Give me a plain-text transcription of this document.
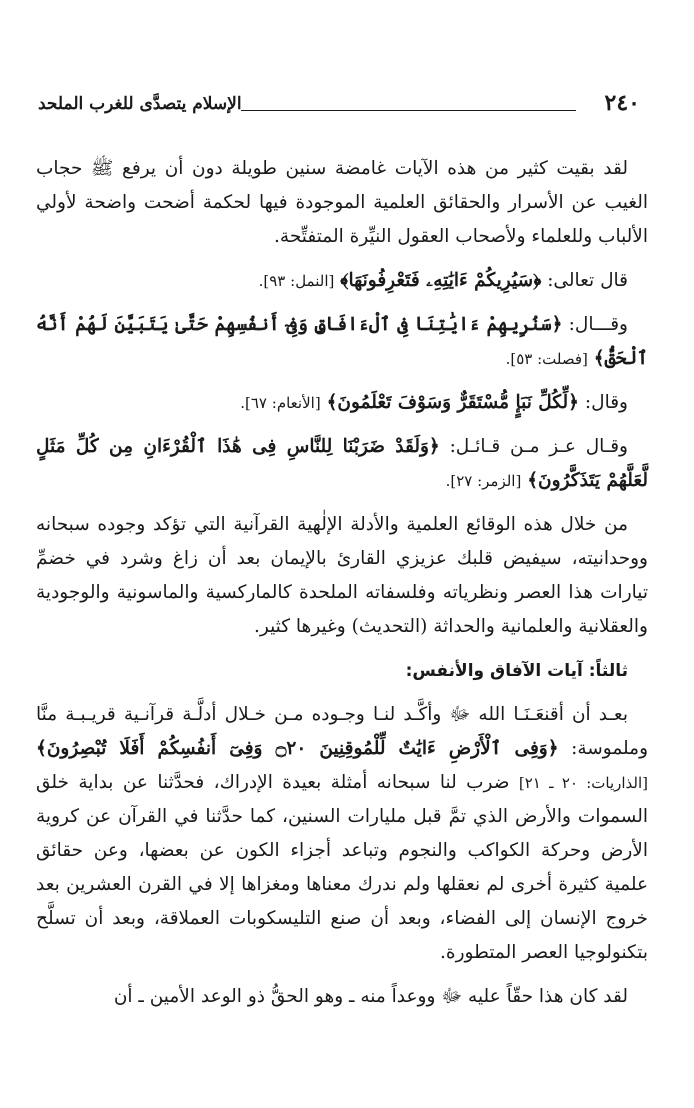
٢٤٠
الإسلام يتصدَّى للغرب الملحد

لقد بقيت كثير من هذه الآيات غامضة سنين طويلة دون أن يرفع ﷺ حجاب الغيب عن الأسرار والحقائق العلمية الموجودة فيها لحكمة أضحت واضحة لأولي الألباب وللعلماء ولأصحاب العقول النيِّرة المتفتِّحة.

قال تعالى: ﴿سَيُرِيكُمْ ءَايَٰتِهِۦ فَتَعْرِفُونَهَا﴾ [النمل: ٩٣].

وقـــال: ﴿سَنُرِيهِمْ ءَايَٰتِنَا فِى ٱلْءَافَاقِ وَفِىٓ أَنفُسِهِمْ حَتَّىٰ يَتَبَيَّنَ لَهُمْ أَنَّهُ ٱلْحَقُّ﴾ [فصلت: ٥٣].

وقال: ﴿لِّكُلِّ نَبَإٍ مُّسْتَقَرٌّ وَسَوْفَ تَعْلَمُونَ﴾ [الأنعام: ٦٧].

وقـال عـز مـن قـائـل: ﴿وَلَقَدْ ضَرَبْنَا لِلنَّاسِ فِى هَٰذَا ٱلْقُرْءَانِ مِن كُلِّ مَثَلٍ لَّعَلَّهُمْ يَتَذَكَّرُونَ﴾ [الزمر: ٢٧].

من خلال هذه الوقائع العلمية والأدلة الإلٰهية القرآنية التي تؤكد وجوده سبحانه ووحدانيته، سيفيض قلبك عزيزي القارئ بالإيمان بعد أن زاغ وشرد في خضمِّ تيارات هذا العصر ونظرياته وفلسفاته الملحدة كالماركسية والماسونية والوجودية والعقلانية والعلمانية والحداثة (التحديث) وغيرها كثير.

ثالثاً: آيات الآفاق والأنفس:

بعـد أن أقنعَـنَـا الله ﷻ وأكَّـد لنـا وجـوده مـن خـلال أدلَّـة قرآنـية قريـبـة منَّا وملموسة: ﴿وَفِى ٱلْأَرْضِ ءَايَٰتٌ لِّلْمُوقِنِينَ ۝٢٠ وَفِىٓ أَنفُسِكُمْ أَفَلَا تُبْصِرُونَ﴾ [الذاريات: ٢٠ ـ ٢١] ضرب لنا سبحانه أمثلة بعيدة الإدراك، فحدَّثنا عن بداية خلق السموات والأرض الذي تمَّ قبل مليارات السنين، كما حدَّثنا في القرآن عن كروية الأرض وحركة الكواكب والنجوم وتباعد أجزاء الكون عن بعضها، وعن حقائق علمية كثيرة أخرى لم نعقلها ولم ندرك معناها ومغزاها إلا في القرن العشرين بعد خروج الإنسان إلى الفضاء، وبعد أن صنع التليسكوبات العملاقة، وبعد أن تسلَّح بتكنولوجيا العصر المتطورة.

لقد كان هذا حقّاً عليه ﷻ ووعداً منه ـ وهو الحقُّ ذو الوعد الأمين ـ أن
